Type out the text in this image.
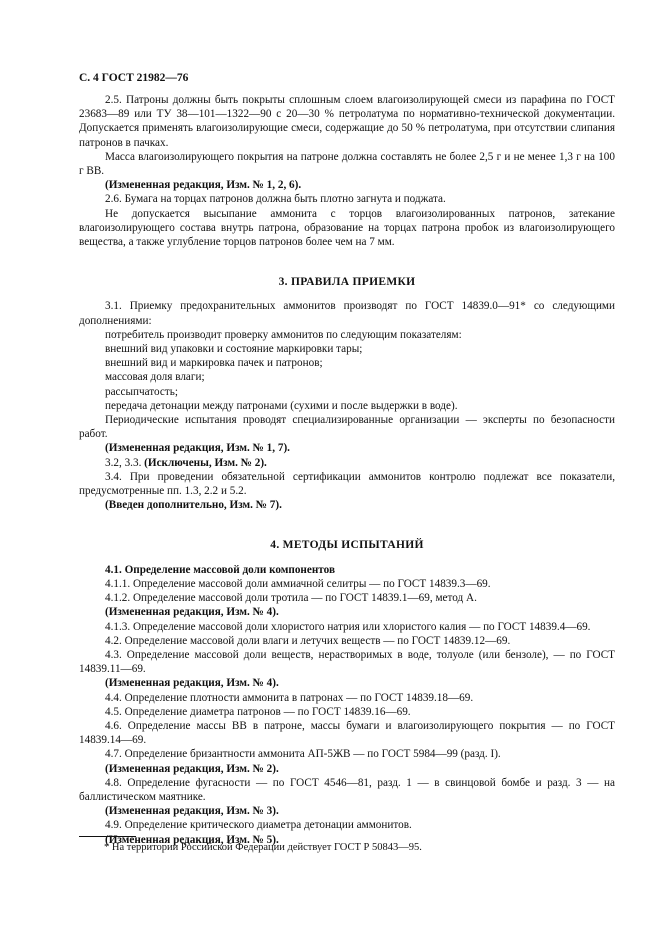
С. 4 ГОСТ 21982—76

2.5. Патроны должны быть покрыты сплошным слоем влагоизолирующей смеси из парафина по ГОСТ 23683—89 или ТУ 38—101—1322—90 с 20—30 % петролатума по нормативно-технической документации. Допускается применять влагоизолирующие смеси, содержащие до 50 % петролатума, при отсутствии слипания патронов в пачках.

Масса влагоизолирующего покрытия на патроне должна составлять не более 2,5 г и не менее 1,3 г на 100 г ВВ.

(Измененная редакция, Изм. № 1, 2, 6).

2.6. Бумага на торцах патронов должна быть плотно загнута и поджата.

Не допускается высыпание аммонита с торцов влагоизолированных патронов, затекание влагоизолирующего состава внутрь патрона, образование на торцах патрона пробок из влагоизолирующего вещества, а также углубление торцов патронов более чем на 7 мм.

3. ПРАВИЛА ПРИЕМКИ

3.1. Приемку предохранительных аммонитов производят по ГОСТ 14839.0—91* со следующими дополнениями:

потребитель производит проверку аммонитов по следующим показателям:

внешний вид упаковки и состояние маркировки тары;

внешний вид и маркировка пачек и патронов;

массовая доля влаги;

рассыпчатость;

передача детонации между патронами (сухими и после выдержки в воде).

Периодические испытания проводят специализированные организации — эксперты по безопасности работ.

(Измененная редакция, Изм. № 1, 7).

3.2, 3.3. (Исключены, Изм. № 2).

3.4. При проведении обязательной сертификации аммонитов контролю подлежат все показатели, предусмотренные пп. 1.3, 2.2 и 5.2.

(Введен дополнительно, Изм. № 7).

4. МЕТОДЫ ИСПЫТАНИЙ

4.1. Определение массовой доли компонентов

4.1.1. Определение массовой доли аммиачной селитры — по ГОСТ 14839.3—69.

4.1.2. Определение массовой доли тротила — по ГОСТ 14839.1—69, метод А.

(Измененная редакция, Изм. № 4).

4.1.3. Определение массовой доли хлористого натрия или хлористого калия — по ГОСТ 14839.4—69.

4.2. Определение массовой доли влаги и летучих веществ — по ГОСТ 14839.12—69.

4.3. Определение массовой доли веществ, нерастворимых в воде, толуоле (или бензоле), — по ГОСТ 14839.11—69.

(Измененная редакция, Изм. № 4).

4.4. Определение плотности аммонита в патронах — по ГОСТ 14839.18—69.

4.5. Определение диаметра патронов — по ГОСТ 14839.16—69.

4.6. Определение массы ВВ в патроне, массы бумаги и влагоизолирующего покрытия — по ГОСТ 14839.14—69.

4.7. Определение бризантности аммонита АП-5ЖВ — по ГОСТ 5984—99 (разд. I).

(Измененная редакция, Изм. № 2).

4.8. Определение фугасности — по ГОСТ 4546—81, разд. 1 — в свинцовой бомбе и разд. 3 — на баллистическом маятнике.

(Измененная редакция, Изм. № 3).

4.9. Определение критического диаметра детонации аммонитов.

(Измененная редакция, Изм. № 5).

* На территории Российской Федерации действует ГОСТ Р 50843—95.
